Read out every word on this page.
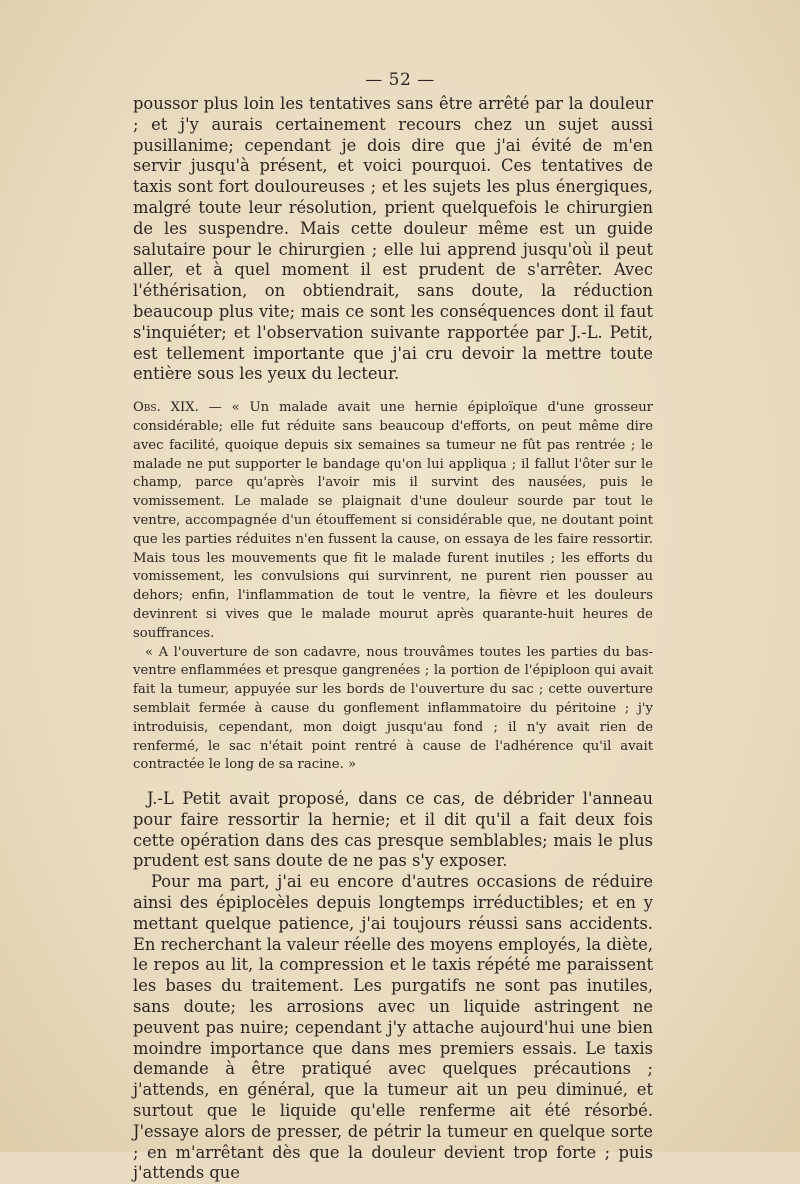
— 52 —

poussor plus loin les tentatives sans être arrêté par la douleur ; et j'y aurais certainement recours chez un sujet aussi pusillanime; cependant je dois dire que j'ai évité de m'en servir jusqu'à présent, et voici pourquoi. Ces tentatives de taxis sont fort douloureuses ; et les sujets les plus énergiques, malgré toute leur résolution, prient quelquefois le chirurgien de les suspendre. Mais cette douleur même est un guide salutaire pour le chirurgien ; elle lui apprend jusqu'où il peut aller, et à quel moment il est prudent de s'arrêter. Avec l'éthérisation, on obtiendrait, sans doute, la réduction beaucoup plus vite; mais ce sont les conséquences dont il faut s'inquiéter; et l'observation suivante rapportée par J.-L. Petit, est tellement importante que j'ai cru devoir la mettre toute entière sous les yeux du lecteur.

Obs. XIX. — « Un malade avait une hernie épiploïque d'une grosseur considérable; elle fut réduite sans beaucoup d'efforts, on peut même dire avec facilité, quoique depuis six semaines sa tumeur ne fût pas rentrée ; le malade ne put supporter le bandage qu'on lui appliqua ; il fallut l'ôter sur le champ, parce qu'après l'avoir mis il survint des nausées, puis le vomissement. Le malade se plaignait d'une douleur sourde par tout le ventre, accompagnée d'un étouffement si considérable que, ne doutant point que les parties réduites n'en fussent la cause, on essaya de les faire ressortir. Mais tous les mouvements que fit le malade furent inutiles ; les efforts du vomissement, les convulsions qui survinrent, ne purent rien pousser au dehors; enfin, l'inflammation de tout le ventre, la fièvre et les douleurs devinrent si vives que le malade mourut après quarante-huit heures de souffrances.

« A l'ouverture de son cadavre, nous trouvâmes toutes les parties du bas-ventre enflammées et presque gangrenées ; la portion de l'épiploon qui avait fait la tumeur, appuyée sur les bords de l'ouverture du sac ; cette ouverture semblait fermée à cause du gonflement inflammatoire du péritoine ; j'y introduisis, cependant, mon doigt jusqu'au fond ; il n'y avait rien de renfermé, le sac n'était point rentré à cause de l'adhérence qu'il avait contractée le long de sa racine. »

J.-L Petit avait proposé, dans ce cas, de débrider l'anneau pour faire ressortir la hernie; et il dit qu'il a fait deux fois cette opération dans des cas presque semblables; mais le plus prudent est sans doute de ne pas s'y exposer.

Pour ma part, j'ai eu encore d'autres occasions de réduire ainsi des épiplocèles depuis longtemps irréductibles; et en y mettant quelque patience, j'ai toujours réussi sans accidents. En recherchant la valeur réelle des moyens employés, la diète, le repos au lit, la compression et le taxis répété me paraissent les bases du traitement. Les purgatifs ne sont pas inutiles, sans doute; les arrosions avec un liquide astringent ne peuvent pas nuire; cependant j'y attache aujourd'hui une bien moindre importance que dans mes premiers essais. Le taxis demande à être pratiqué avec quelques précautions ; j'attends, en général, que la tumeur ait un peu diminué, et surtout que le liquide qu'elle renferme ait été résorbé. J'essaye alors de presser, de pétrir la tumeur en quelque sorte ; en m'arrêtant dès que la douleur devient trop forte ; puis j'attends que
